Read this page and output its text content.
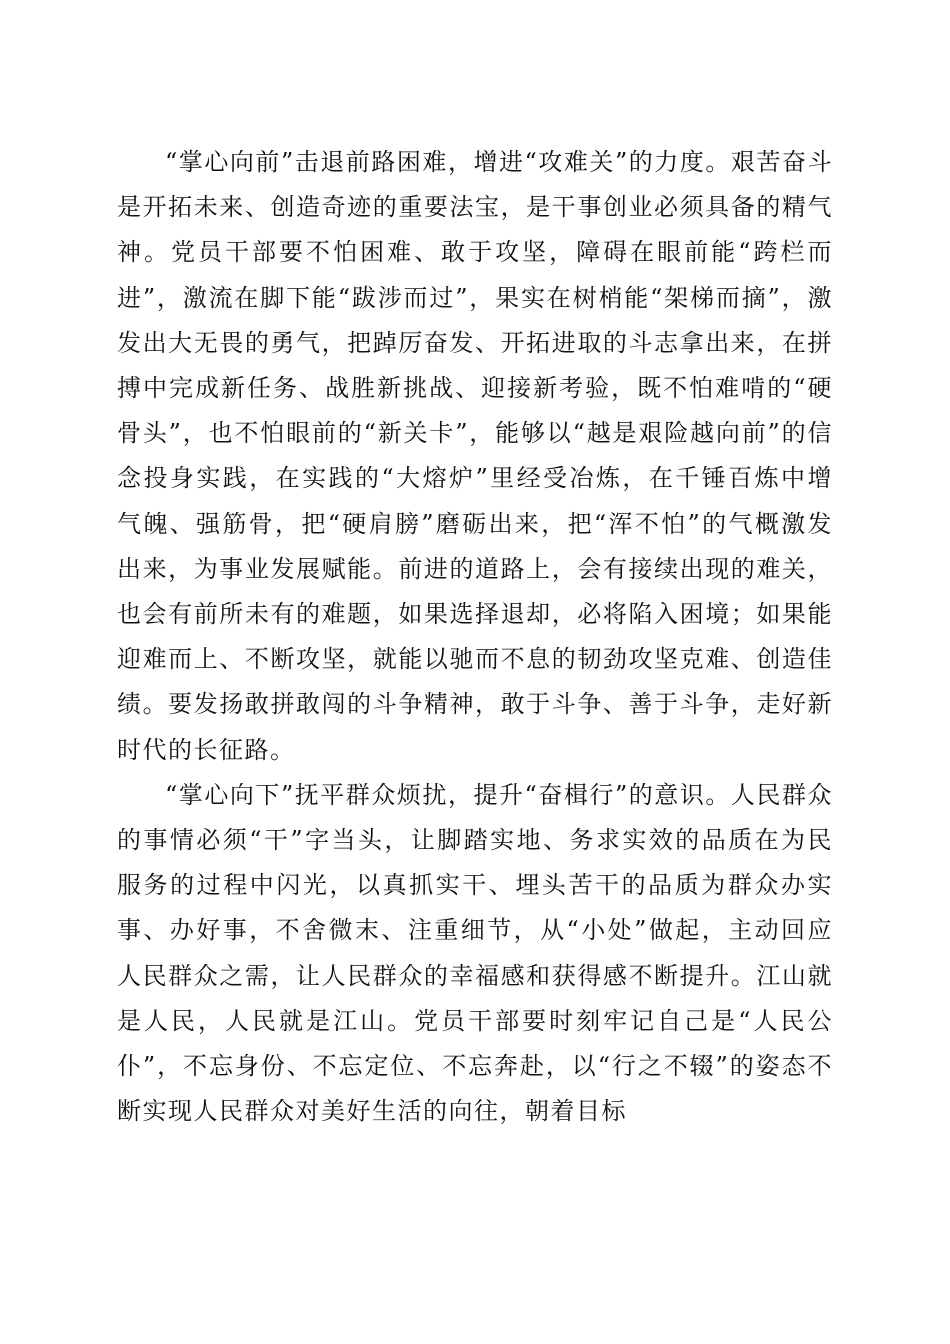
“掌心向前”击退前路困难，增进“攻难关”的力度。艰苦奋斗是开拓未来、创造奇迹的重要法宝，是干事创业必须具备的精气神。党员干部要不怕困难、敢于攻坚，障碍在眼前能“跨栏而进”，激流在脚下能“跋涉而过”，果实在树梢能“架梯而摘”，激发出大无畏的勇气，把踔厉奋发、开拓进取的斗志拿出来，在拼搏中完成新任务、战胜新挑战、迎接新考验，既不怕难啃的“硬骨头”，也不怕眼前的“新关卡”，能够以“越是艰险越向前”的信念投身实践，在实践的“大熔炉”里经受冶炼，在千锤百炼中增气魄、强筋骨，把“硬肩膀”磨砺出来，把“浑不怕”的气概激发出来，为事业发展赋能。前进的道路上，会有接续出现的难关，也会有前所未有的难题，如果选择退却，必将陷入困境；如果能迎难而上、不断攻坚，就能以驰而不息的韧劲攻坚克难、创造佳绩。要发扬敢拼敢闯的斗争精神，敢于斗争、善于斗争，走好新时代的长征路。

“掌心向下”抚平群众烦扰，提升“奋楫行”的意识。人民群众的事情必须“干”字当头，让脚踏实地、务求实效的品质在为民服务的过程中闪光，以真抓实干、埋头苦干的品质为群众办实事、办好事，不舍微末、注重细节，从“小处”做起，主动回应人民群众之需，让人民群众的幸福感和获得感不断提升。江山就是人民，人民就是江山。党员干部要时刻牢记自己是“人民公仆”，不忘身份、不忘定位、不忘奔赴，以“行之不辍”的姿态不断实现人民群众对美好生活的向往，朝着目标
